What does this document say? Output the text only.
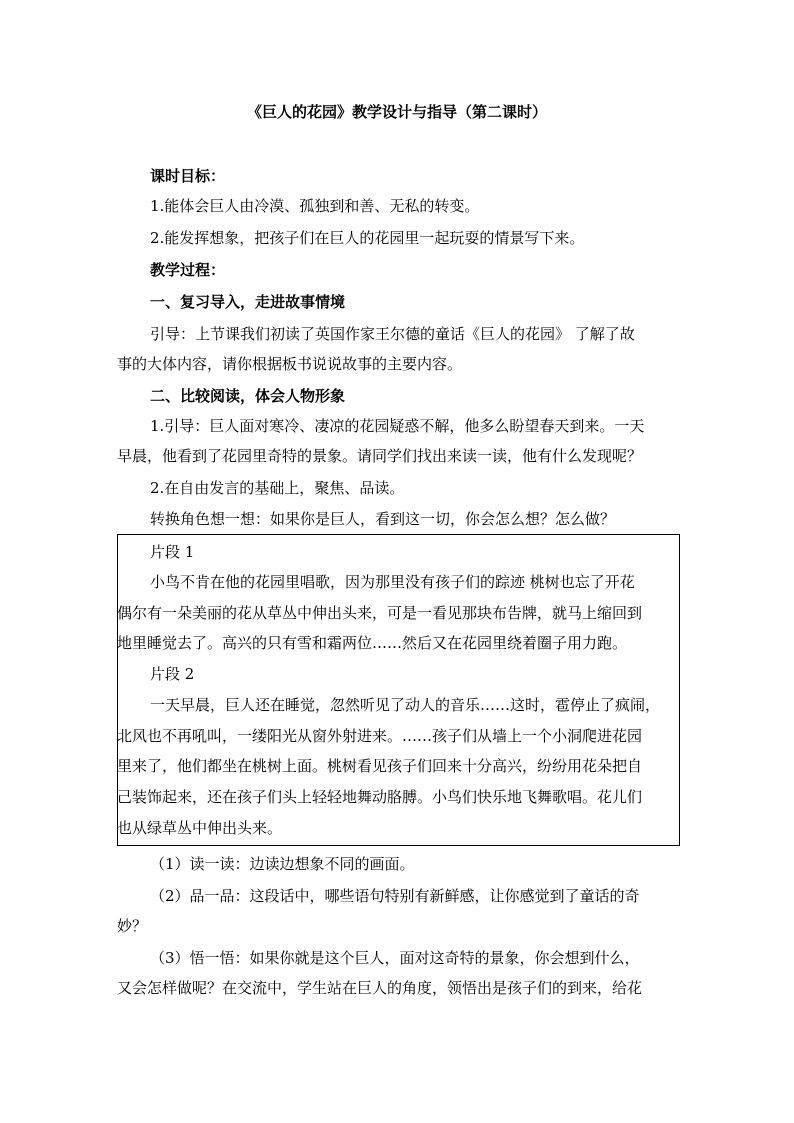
《巨人的花园》教学设计与指导（第二课时）
课时目标：
1.能体会巨人由冷漠、孤独到和善、无私的转变。
2.能发挥想象，把孩子们在巨人的花园里一起玩耍的情景写下来。
教学过程：
一、复习导入，走进故事情境
引导：上节课我们初读了英国作家王尔德的童话《巨人的花园》 了解了故
事的大体内容，请你根据板书说说故事的主要内容。
二、比较阅读，体会人物形象
1.引导：巨人面对寒冷、凄凉的花园疑惑不解，他多么盼望春天到来。一天
早晨，他看到了花园里奇特的景象。请同学们找出来读一读，他有什么发现呢？
2.在自由发言的基础上，聚焦、品读。
转换角色想一想：如果你是巨人，看到这一切，你会怎么想？怎么做？
片段 1
小鸟不肯在他的花园里唱歌，因为那里没有孩子们的踪迹 桃树也忘了开花
偶尔有一朵美丽的花从草丛中伸出头来，可是一看见那块布告牌，就马上缩回到
地里睡觉去了。高兴的只有雪和霜两位……然后又在花园里绕着圈子用力跑。
片段 2
一天早晨，巨人还在睡觉，忽然听见了动人的音乐……这时，雹停止了疯闹，
北风也不再吼叫，一缕阳光从窗外射进来。……孩子们从墙上一个小洞爬进花园
里来了，他们都坐在桃树上面。桃树看见孩子们回来十分高兴，纷纷用花朵把自
己装饰起来，还在孩子们头上轻轻地舞动胳膊。小鸟们快乐地飞舞歌唱。花儿们
也从绿草丛中伸出头来。
（1）读一读：边读边想象不同的画面。
（2）品一品：这段话中，哪些语句特别有新鲜感，让你感觉到了童话的奇
妙？
（3）悟一悟：如果你就是这个巨人，面对这奇特的景象，你会想到什么，
又会怎样做呢？在交流中，学生站在巨人的角度，领悟出是孩子们的到来，给花
